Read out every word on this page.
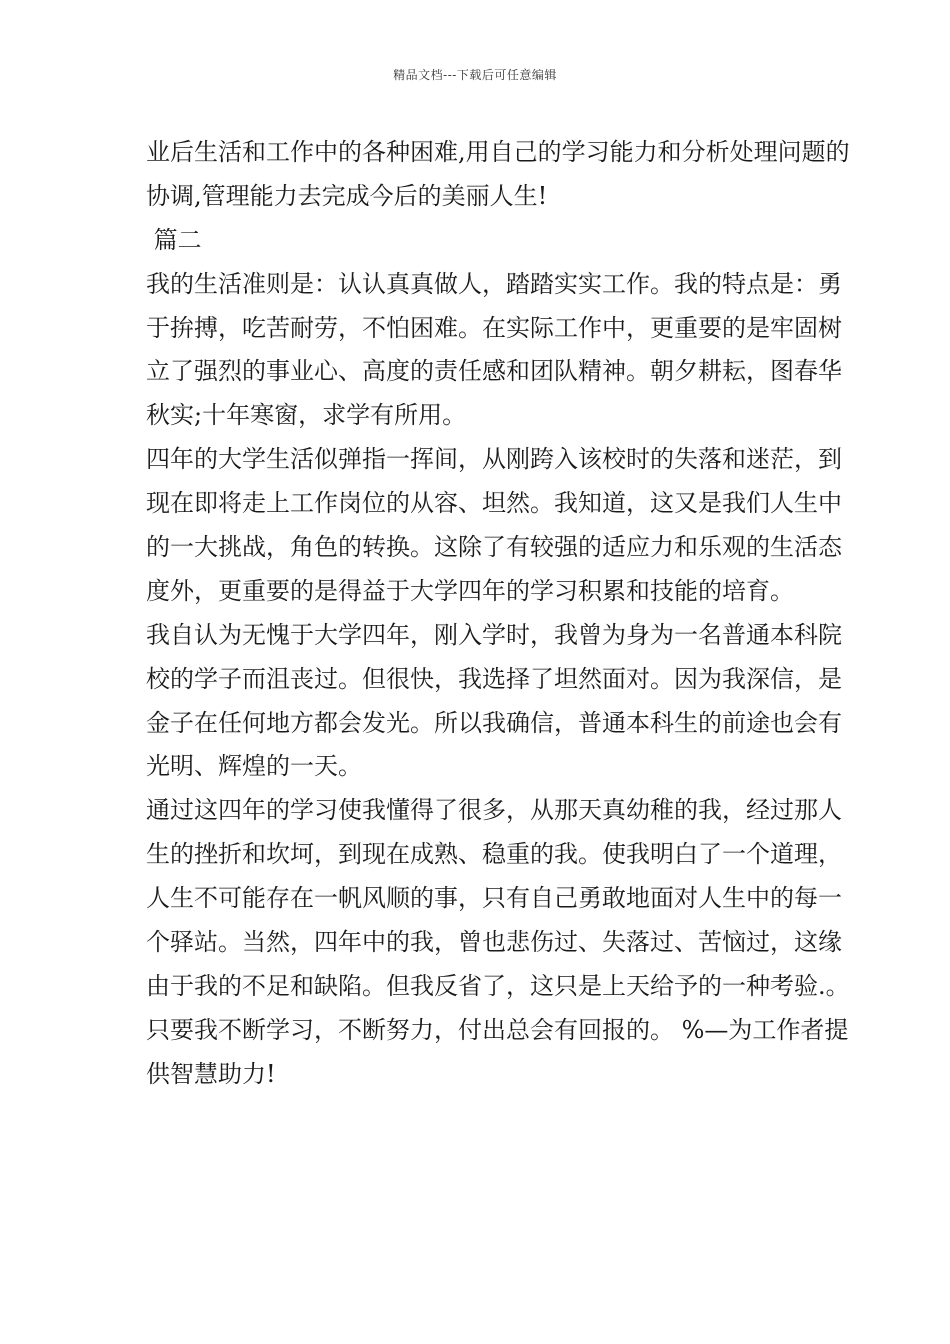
精品文档---下载后可任意编辑
业后生活和工作中的各种困难,用自己的学习能力和分析处理问题的
协调,管理能力去完成今后的美丽人生!
篇二
我的生活准则是：认认真真做人，踏踏实实工作。我的特点是：勇
于拚搏，吃苦耐劳，不怕困难。在实际工作中，更重要的是牢固树
立了强烈的事业心、高度的责任感和团队精神。朝夕耕耘，图春华
秋实;十年寒窗，求学有所用。
四年的大学生活似弹指一挥间，从刚跨入该校时的失落和迷茫，到
现在即将走上工作岗位的从容、坦然。我知道，这又是我们人生中
的一大挑战，角色的转换。这除了有较强的适应力和乐观的生活态
度外，更重要的是得益于大学四年的学习积累和技能的培育。
我自认为无愧于大学四年，刚入学时，我曾为身为一名普通本科院
校的学子而沮丧过。但很快，我选择了坦然面对。因为我深信，是
金子在任何地方都会发光。所以我确信，普通本科生的前途也会有
光明、辉煌的一天。
通过这四年的学习使我懂得了很多，从那天真幼稚的我，经过那人
生的挫折和坎坷，到现在成熟、稳重的我。使我明白了一个道理，
人生不可能存在一帆风顺的事，只有自己勇敢地面对人生中的每一
个驿站。当然，四年中的我，曾也悲伤过、失落过、苦恼过，这缘
由于我的不足和缺陷。但我反省了，这只是上天给予的一种考验.。
只要我不断学习，不断努力，付出总会有回报的。 %—为工作者提
供智慧助力!
